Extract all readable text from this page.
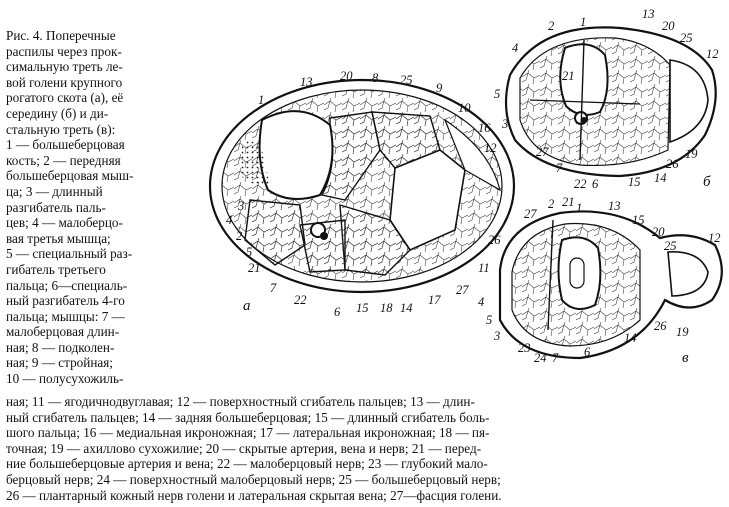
Рис. 4. Поперечные
распилы через прок-
симальную треть ле-
вой голени крупного
рогатого скота (а), её
середину (б) и ди-
стальную треть (в):
1 — большеберцовая
кость; 2 — передняя
большеберцовая мыш-
ца; 3 — длинный
разгибатель паль-
цев; 4 — малоберцо-
вая третья мышца;
5 — специальный раз-
гибатель третьего
пальца; 6—специаль-
ный разгибатель 4-го
пальца; мышцы: 7 —
малоберцовая длин-
ная; 8 — подколен-
ная; 9 — стройная;
10 — полусухожиль-
ная; 11 — ягодичнодвуглавая; 12 — поверхностный сгибатель пальцев; 13 — длин-
ный сгибатель пальцев; 14 — задняя большеберцовая; 15 — длинный сгибатель боль-
шого пальца; 16 — медиальная икроножная; 17 — латеральная икроножная; 18 — пя-
точная; 19 — ахиллово сухожилие; 20 — скрытые артерия, вена и нерв; 21 — перед-
ние большеберцовые артерия и вена; 22 — малоберцовый нерв; 23 — глубокий мало-
берцовый нерв; 24 — поверхностный малоберцовый нерв; 25 — большеберцовый нерв;
26 — плантарный кожный нерв голени и латеральная скрытая вена; 27—фасция голени.
1
13 20 8 25
9
10
16
12
3
4
2
5
21
7
22
6	18
15	14
17
27
11
26
2 1
13
20
25
12
4
5
3
27
7
22 6 15 14
26
19
21
27
2 21 1 13
15
20
25
12
4
5
3
23
24 7 6
14
26 19
а
б
в
